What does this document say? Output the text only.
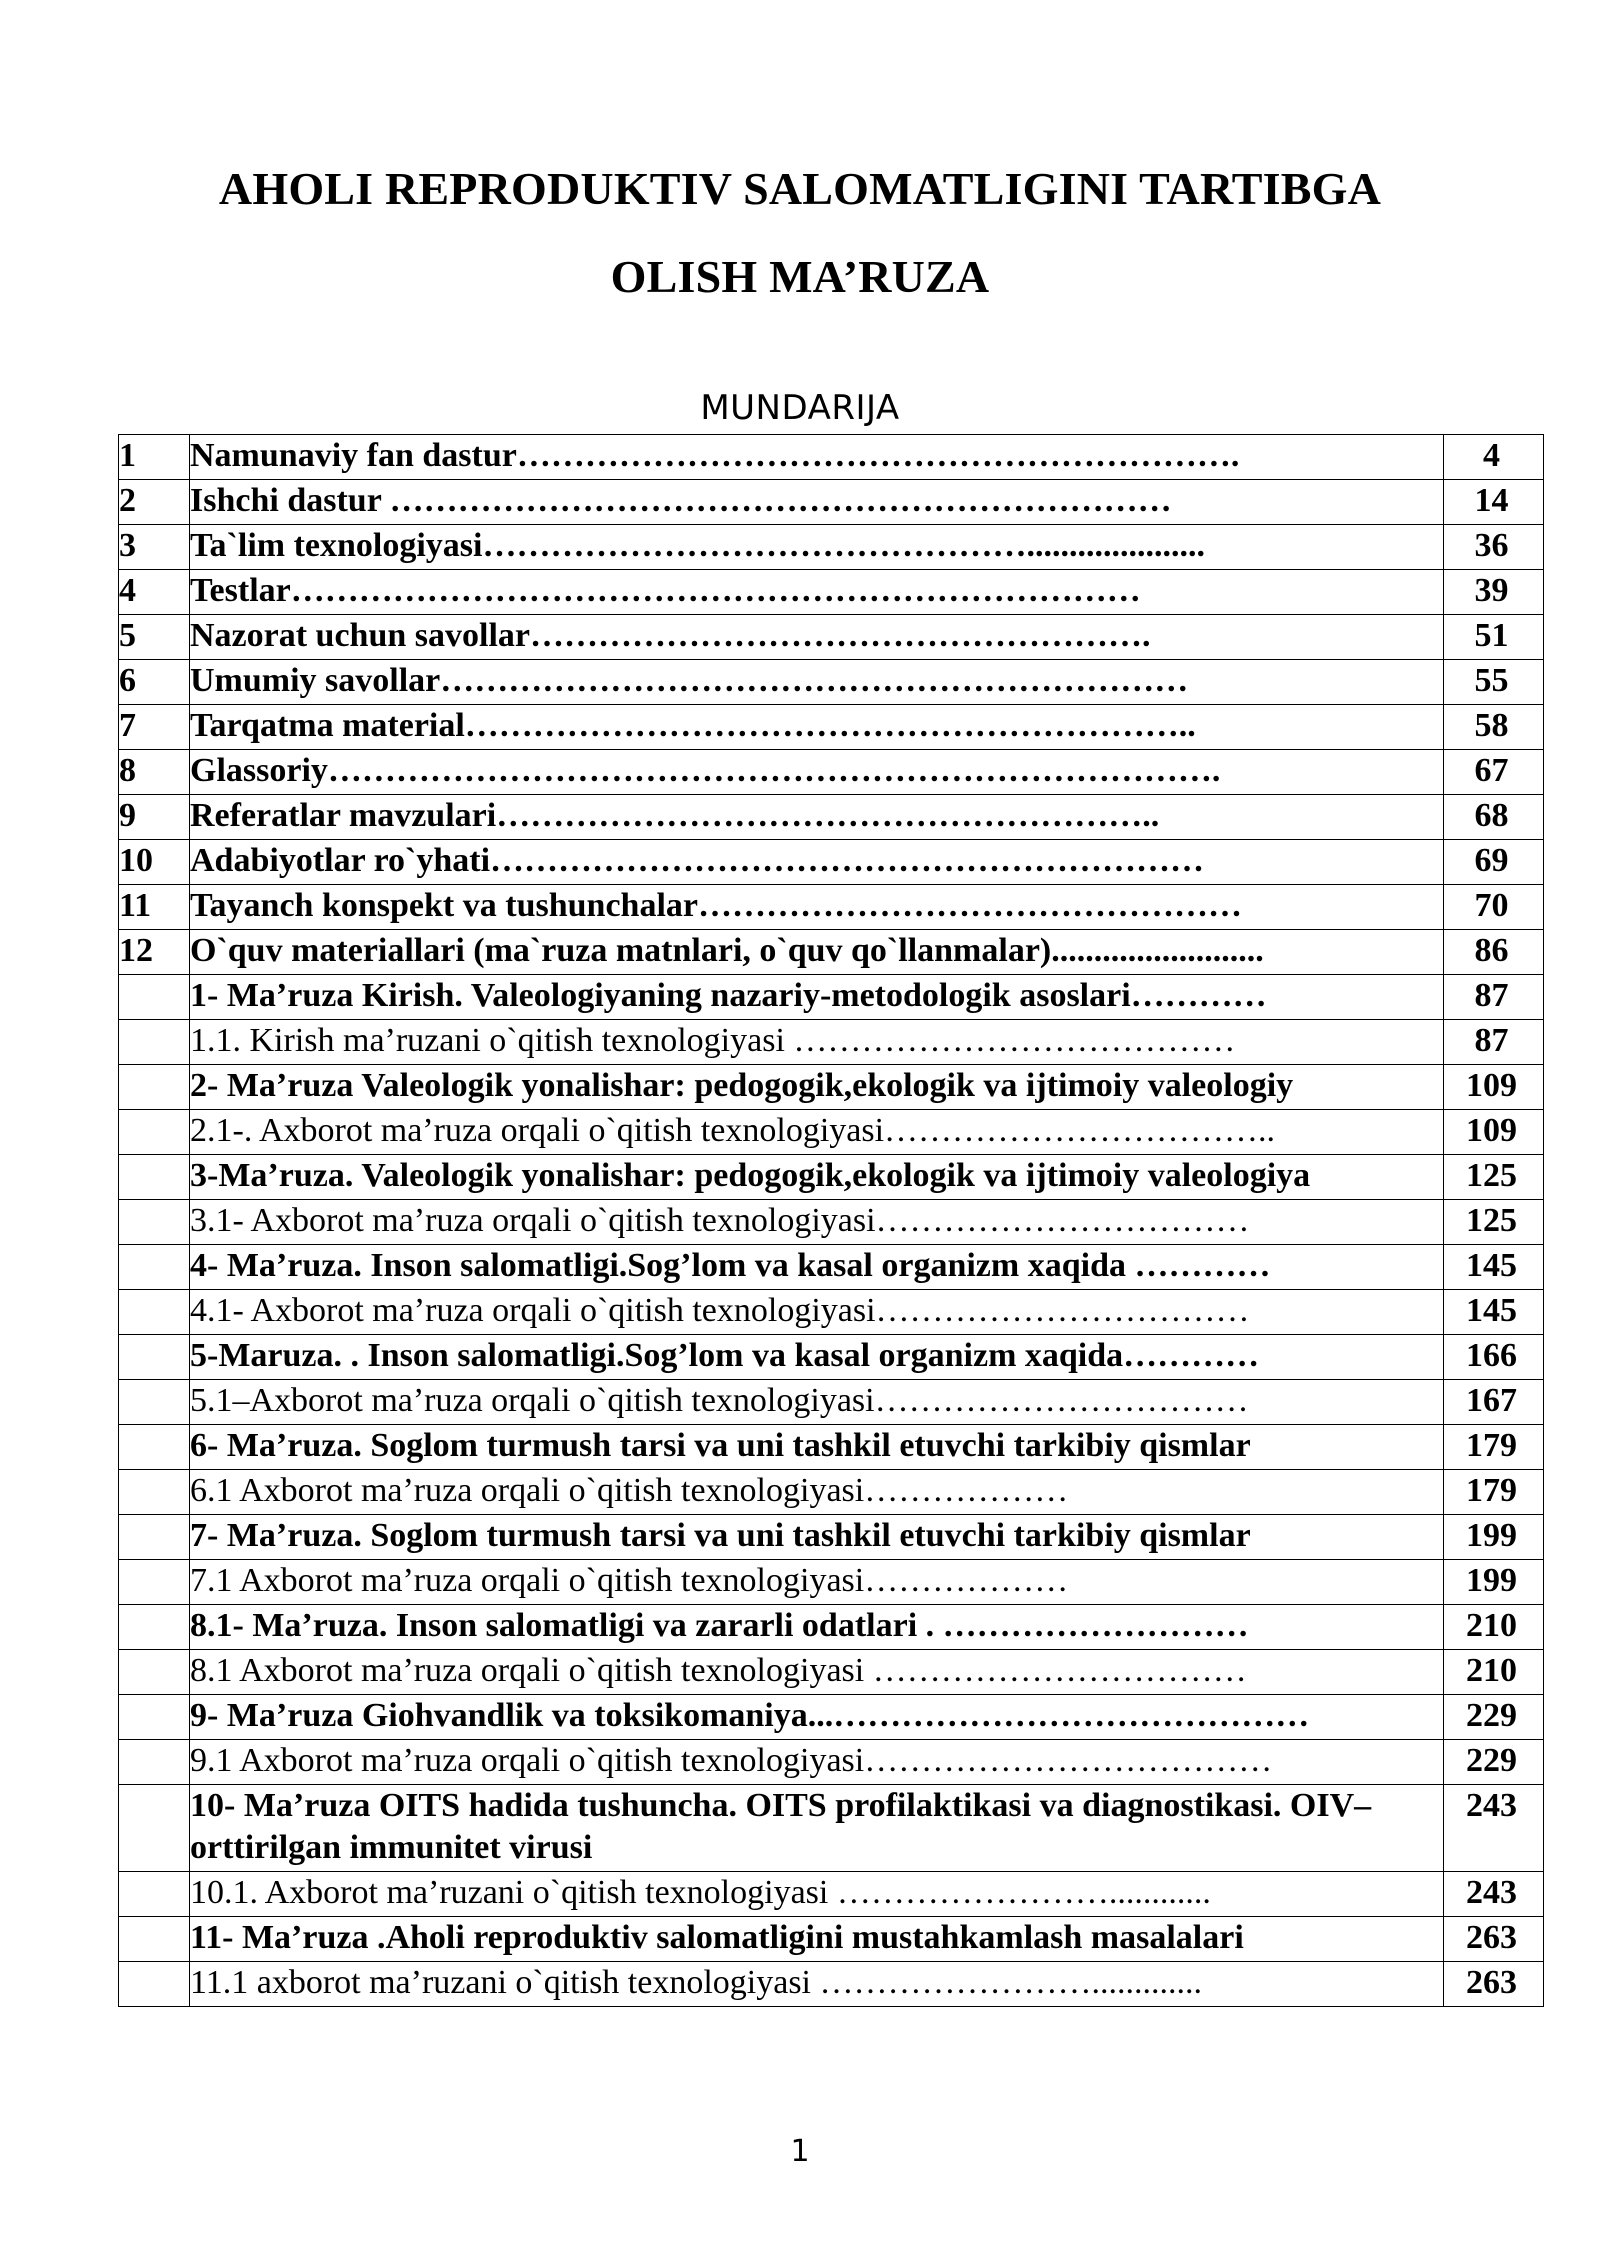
AHOLI REPRODUKTIV SALOMATLIGINI TARTIBGA
OLISH MA’RUZA
MUNDARIJA
1	Namunaviy fan dastur……………………………………………………….	4
2	Ishchi dastur ……………………………………………………………	14
3	Ta`lim texnologiyasi………………………………………….....................	36
4	Testlar…………………………………………………………………	39
5	Nazorat uchun savollar……………………………………………….	51
6	Umumiy savollar…………………………………………………………	55
7	Tarqatma material………………………………………………………..	58
8	Glassoriy…………………………………………………………………….	67
9	Referatlar mavzulari…………………………………………………..	68
10	Adabiyotlar ro`yhati………………………………………………………	69
11	Tayanch konspekt va tushunchalar…………………………………………	70
12	O`quv materiallari (ma`ruza matnlari, o`quv qo`llanmalar).........................	86
	1- Ma’ruza Kirish. Valeologiyaning nazariy-metodologik asoslari…………	87
	1.1. Kirish ma’ruzani o`qitish texnologiyasi …………………………………	87
	2- Ma’ruza Valeologik yonalishar: pedogogik,ekologik va ijtimoiy valeologiy	109
	2.1-. Axborot ma’ruza orqali o`qitish texnologiyasi……………………………..	109
	3-Ma’ruza. Valeologik yonalishar: pedogogik,ekologik va ijtimoiy valeologiya	125
	3.1- Axborot ma’ruza orqali o`qitish texnologiyasi……………………………	125
	4- Ma’ruza. Inson salomatligi.Sog’lom va kasal organizm xaqida …………	145
	4.1- Axborot ma’ruza orqali o`qitish texnologiyasi……………………………	145
	5-Maruza. . Inson salomatligi.Sog’lom va kasal organizm xaqida…………	166
	5.1–Axborot ma’ruza orqali o`qitish texnologiyasi……………………………	167
	6- Ma’ruza. Soglom turmush tarsi va uni tashkil etuvchi tarkibiy qismlar	179
	6.1 Axborot ma’ruza orqali o`qitish texnologiyasi………………	179
	7- Ma’ruza. Soglom turmush tarsi va uni tashkil etuvchi tarkibiy qismlar	199
	7.1 Axborot ma’ruza orqali o`qitish texnologiyasi………………	199
	8.1- Ma’ruza. Inson salomatligi va zararli odatlari . ………………………	210
	8.1 Axborot ma’ruza orqali o`qitish texnologiyasi ……………………………	210
	9- Ma’ruza Giohvandlik va toksikomaniya...……………………………………	229
	9.1 Axborot ma’ruza orqali o`qitish texnologiyasi………………………………	229
	10- Ma’ruza OITS hadida tushuncha. OITS profilaktikasi va diagnostikasi. OIV–orttirilgan immunitet virusi	243
	10.1. Axborot ma’ruzani o`qitish texnologiyasi ……………………............	243
	11- Ma’ruza .Aholi reproduktiv salomatligini mustahkamlash masalalari	263
	11.1 axborot ma’ruzani o`qitish texnologiyasi …………………….............	263
1
